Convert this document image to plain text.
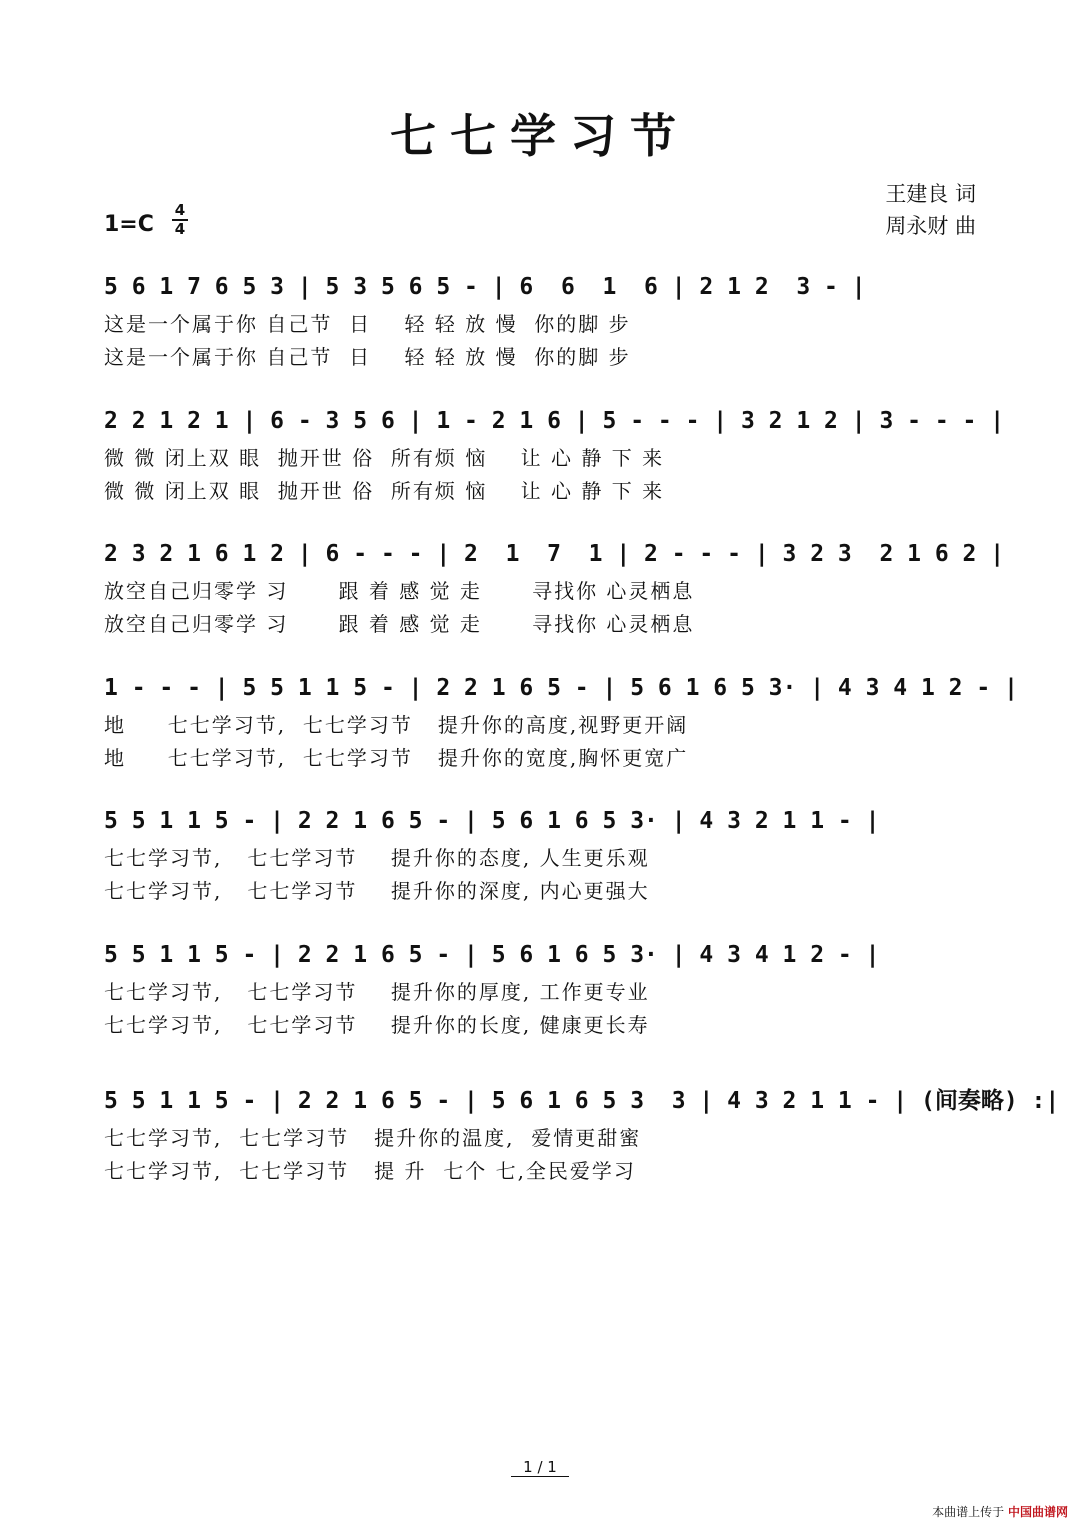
七七学习节
1=C
4
4
王建良 词
周永财 曲
5 6 1 7 6 5 3 | 5 3 5 6 5 - | 6  6  1  6 | 2 1 2  3 - |
这是一个属于你 自己节  日    轻 轻 放 慢  你的脚 步
这是一个属于你 自己节  日    轻 轻 放 慢  你的脚 步
2 2 1 2 1 | 6 - 3 5 6 | 1 - 2 1 6 | 5 - - - | 3 2 1 2 | 3 - - - |
微 微 闭上双 眼  抛开世 俗  所有烦 恼    让 心 静 下 来
微 微 闭上双 眼  抛开世 俗  所有烦 恼    让 心 静 下 来
2 3 2 1 6 1 2 | 6 - - - | 2  1  7  1 | 2 - - - | 3 2 3  2 1 6 2 |
放空自己归零学 习      跟 着 感 觉 走      寻找你 心灵栖息
放空自己归零学 习      跟 着 感 觉 走      寻找你 心灵栖息
1 - - - | 5 5 1 1 5 - | 2 2 1 6 5 - | 5 6 1 6 5 3· | 4 3 4 1 2 - |
地     七七学习节,  七七学习节   提升你的高度,视野更开阔
地     七七学习节,  七七学习节   提升你的宽度,胸怀更宽广
5 5 1 1 5 - | 2 2 1 6 5 - | 5 6 1 6 5 3· | 4 3 2 1 1 - |
七七学习节,   七七学习节    提升你的态度, 人生更乐观
七七学习节,   七七学习节    提升你的深度, 内心更强大
5 5 1 1 5 - | 2 2 1 6 5 - | 5 6 1 6 5 3· | 4 3 4 1 2 - |
七七学习节,   七七学习节    提升你的厚度, 工作更专业
七七学习节,   七七学习节    提升你的长度, 健康更长寿
5 5 1 1 5 - | 2 2 1 6 5 - | 5 6 1 6 5 3  3 | 4 3 2 1 1 - | (间奏略) :|
七七学习节,  七七学习节   提升你的温度,  爱情更甜蜜
七七学习节,  七七学习节   提 升  七个 七,全民爱学习
1 / 1
本曲谱上传于 中国曲谱网
